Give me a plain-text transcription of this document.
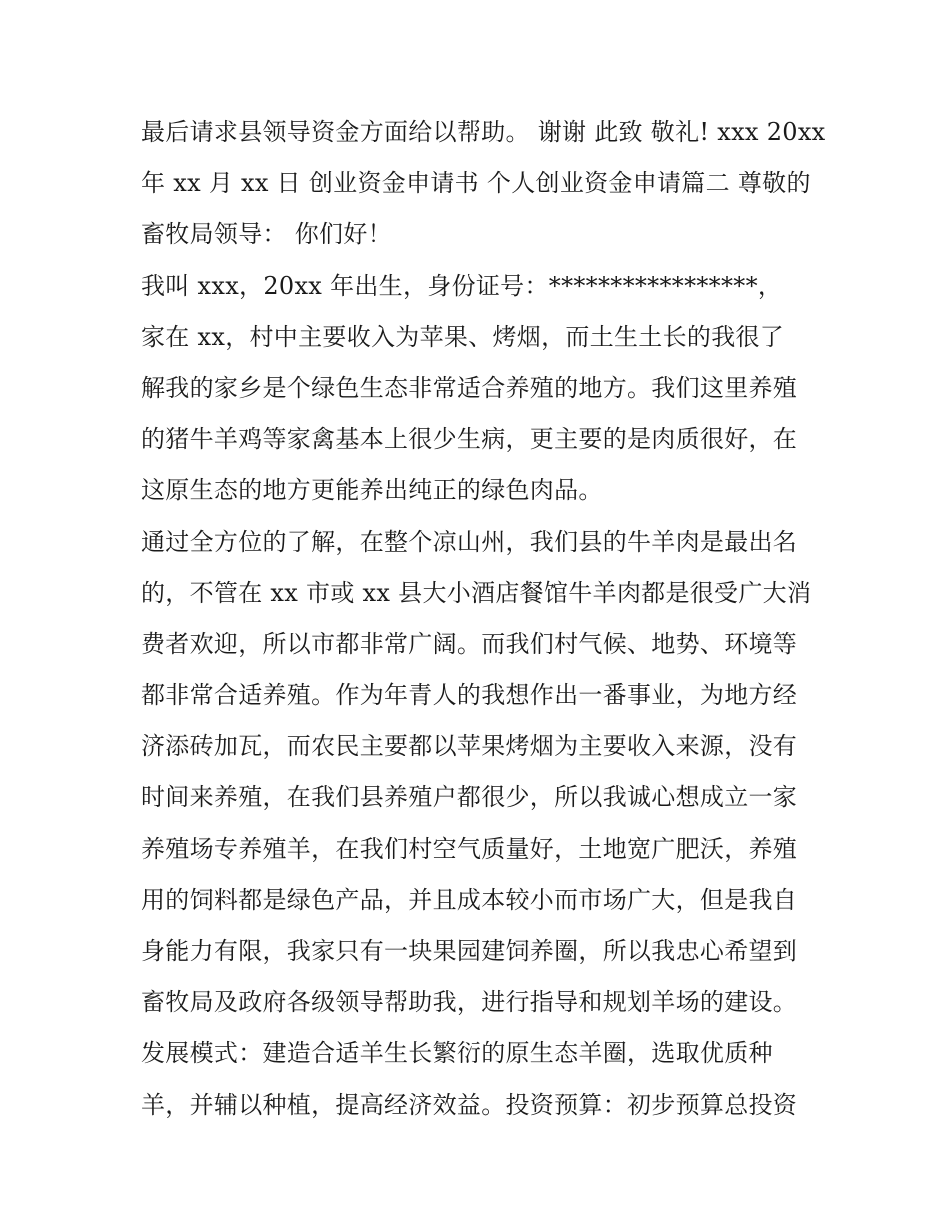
最后请求县领导资金方面给以帮助。 谢谢 此致 敬礼! xxx 20xx
年 xx 月 xx 日 创业资金申请书 个人创业资金申请篇二 尊敬的
畜牧局领导： 你们好！
我叫 xxx，20xx 年出生，身份证号：*****************，
家在 xx，村中主要收入为苹果、烤烟，而土生土长的我很了
解我的家乡是个绿色生态非常适合养殖的地方。我们这里养殖
的猪牛羊鸡等家禽基本上很少生病，更主要的是肉质很好，在
这原生态的地方更能养出纯正的绿色肉品。
通过全方位的了解，在整个凉山州，我们县的牛羊肉是最出名
的，不管在 xx 市或 xx 县大小酒店餐馆牛羊肉都是很受广大消
费者欢迎，所以市都非常广阔。而我们村气候、地势、环境等
都非常合适养殖。作为年青人的我想作出一番事业，为地方经
济添砖加瓦，而农民主要都以苹果烤烟为主要收入来源，没有
时间来养殖，在我们县养殖户都很少，所以我诚心想成立一家
养殖场专养殖羊，在我们村空气质量好，土地宽广肥沃，养殖
用的饲料都是绿色产品，并且成本较小而市场广大，但是我自
身能力有限，我家只有一块果园建饲养圈，所以我忠心希望到
畜牧局及政府各级领导帮助我，进行指导和规划羊场的建设。
发展模式：建造合适羊生长繁衍的原生态羊圈，选取优质种
羊，并辅以种植，提高经济效益。投资预算：初步预算总投资
